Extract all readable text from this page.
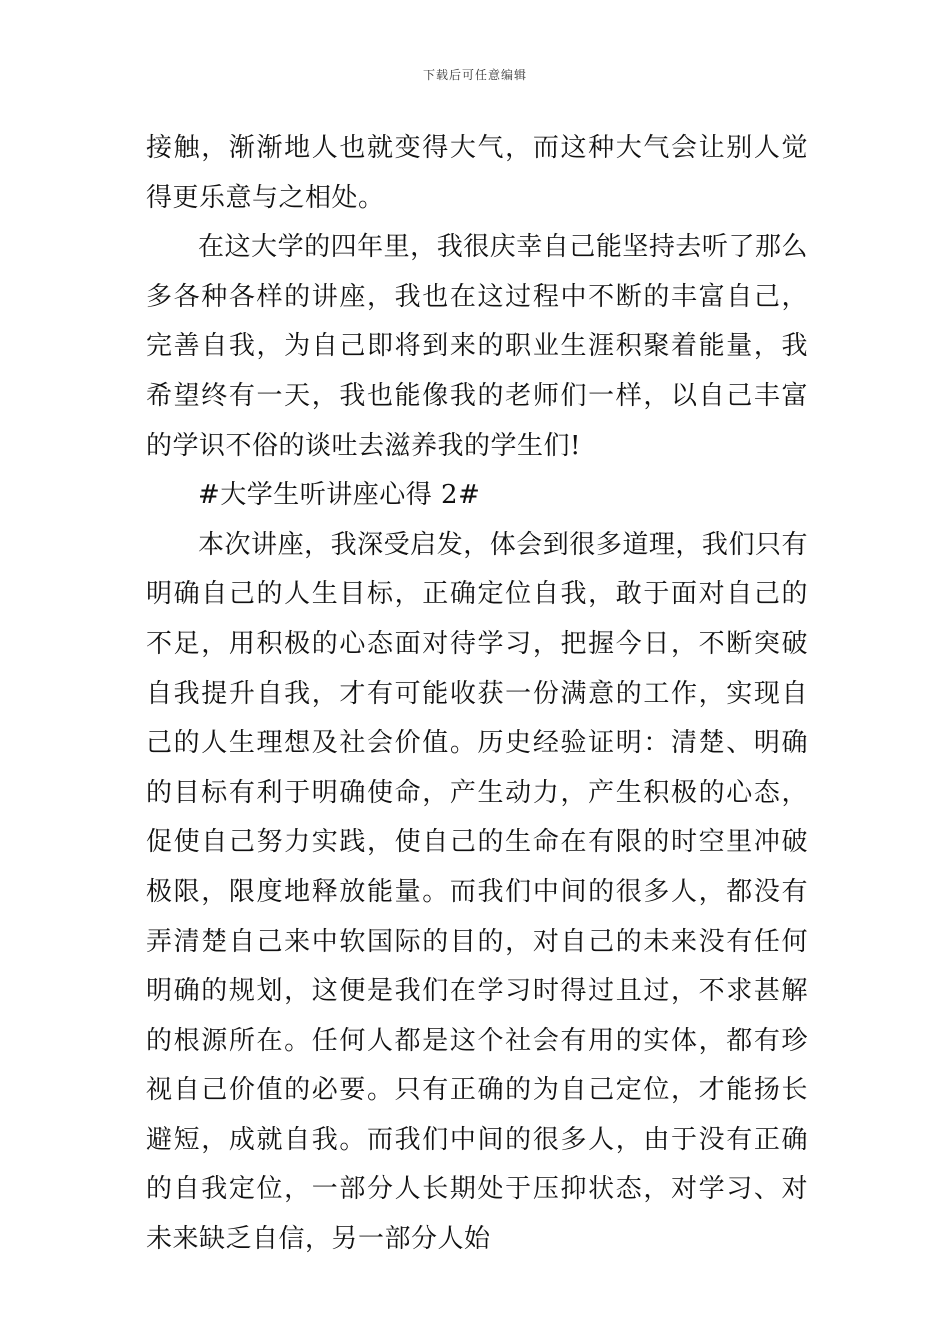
下载后可任意编辑

接触，渐渐地人也就变得大气，而这种大气会让别人觉得更乐意与之相处。

在这大学的四年里，我很庆幸自己能坚持去听了那么多各种各样的讲座，我也在这过程中不断的丰富自己，完善自我，为自己即将到来的职业生涯积聚着能量，我希望终有一天，我也能像我的老师们一样，以自己丰富的学识不俗的谈吐去滋养我的学生们!

#大学生听讲座心得 2#

本次讲座，我深受启发，体会到很多道理，我们只有明确自己的人生目标，正确定位自我，敢于面对自己的不足，用积极的心态面对待学习，把握今日，不断突破自我提升自我，才有可能收获一份满意的工作，实现自己的人生理想及社会价值。历史经验证明：清楚、明确的目标有利于明确使命，产生动力，产生积极的心态，促使自己努力实践，使自己的生命在有限的时空里冲破极限，限度地释放能量。而我们中间的很多人，都没有弄清楚自己来中软国际的目的，对自己的未来没有任何明确的规划，这便是我们在学习时得过且过，不求甚解的根源所在。任何人都是这个社会有用的实体，都有珍视自己价值的必要。只有正确的为自己定位，才能扬长避短，成就自我。而我们中间的很多人，由于没有正确的自我定位，一部分人长期处于压抑状态，对学习、对未来缺乏自信，另一部分人始
